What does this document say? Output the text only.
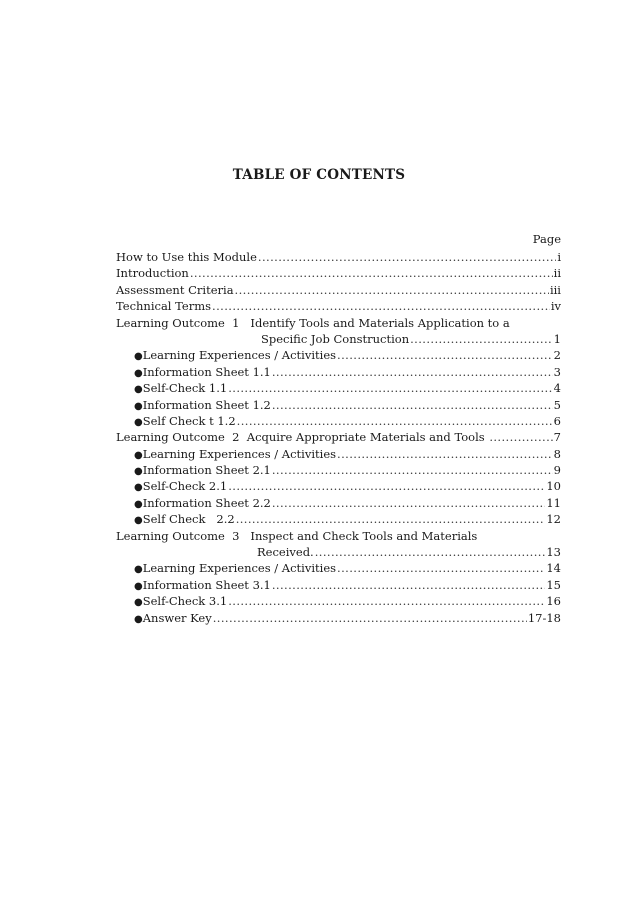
TABLE OF CONTENTS
Page
How to Use this Module .....	i
Introduction .....	ii
Assessment Criteria .....	iii
Technical Terms .....	iv
Learning Outcome  1   Identify Tools and Materials Application to a
Specific Job Construction .....	1
● Learning Experiences / Activities .....	2
● Information Sheet 1.1 .....	3
● Self-Check 1.1 .....	4
● Information Sheet 1.2 .....	5
● Self Check t 1.2 .....	6
Learning Outcome  2  Acquire Appropriate Materials and Tools .....	7
● Learning Experiences / Activities .....	8
● Information Sheet 2.1 .....	9
● Self-Check 2.1 .....	10
● Information Sheet 2.2 .....	11
● Self Check   2.2 .....	12
Learning Outcome  3   Inspect and Check Tools and Materials
Received. .....	13
● Learning Experiences / Activities .....	14
● Information Sheet 3.1 .....	15
● Self-Check 3.1 .....	16
● Answer Key .....	17-18
